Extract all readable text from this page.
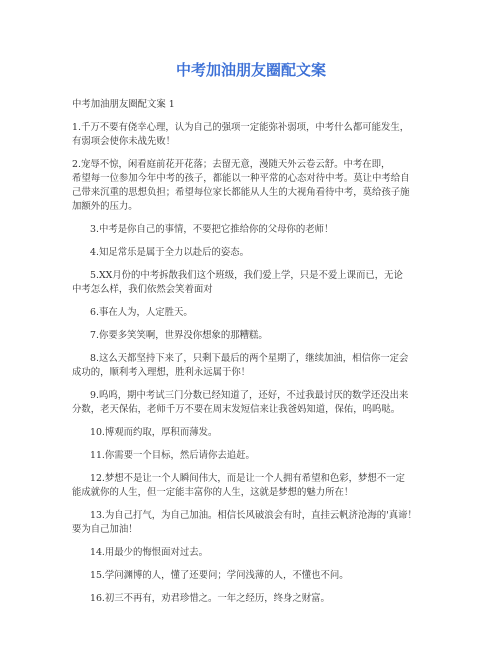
中考加油朋友圈配文案
中考加油朋友圈配文案 1
1.千万不要有侥幸心理，认为自己的强项一定能弥补弱项，中考什么都可能发生，
有弱项会使你未战先败！
2.宠辱不惊，闲看庭前花开花落；去留无意，漫随天外云卷云舒。中考在即，
希望每一位参加今年中考的孩子，都能以一种平常的心态对待中考。莫让中考给自
己带来沉重的思想负担；希望每位家长都能从人生的大视角看待中考，莫给孩子施
加额外的压力。
3.中考是你自己的事情，不要把它推给你的父母你的老师！
4.知足常乐是属于全力以赴后的姿态。
5.XX月份的中考拆散我们这个班级，我们爱上学，只是不爱上课而已，无论
中考怎么样，我们依然会笑着面对
6.事在人为，人定胜天。
7.你要多笑笑啊，世界没你想象的那糟糕。
8.这么天都坚持下来了，只剩下最后的两个星期了，继续加油，相信你一定会
成功的，顺利考入理想，胜利永远属于你！
9.呜呜，期中考试三门分数已经知道了，还好，不过我最讨厌的数学还没出来
分数，老天保佑，老师千万不要在周末发短信来让我爸妈知道，保佑，呜呜哒。
10.博观而约取，厚积而薄发。
11.你需要一个目标，然后请你去追赶。
12.梦想不是让一个人瞬间伟大，而是让一个人拥有希望和色彩，梦想不一定
能成就你的人生，但一定能丰富你的人生，这就是梦想的魅力所在！
13.为自己打气，为自己加油。相信长风破浪会有时，直挂云帆济沧海的'真谛！
要为自己加油！
14.用最少的悔恨面对过去。
15.学问渊博的人，懂了还要问；学问浅薄的人，不懂也不问。
16.初三不再有，劝君珍惜之。一年之经历，终身之财富。
